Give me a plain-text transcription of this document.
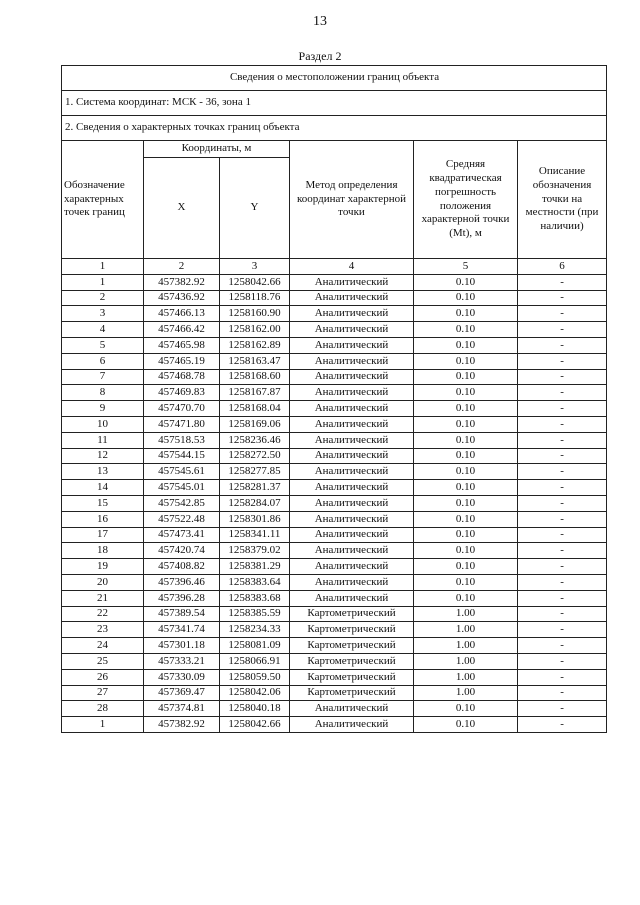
13
Раздел 2
Сведения о местоположении границ объекта					
1. Система координат: МСК - 36, зона 1					
2. Сведения о характерных точках границ объекта					
Обозначение характерных точек границ	Координаты, м		Метод определения координат характерной точки	Средняя квадратическая погрешность положения характерной точки (Mt), м	Описание обозначения точки на местности (при наличии)
	X	Y			
1	2	3	4	5	6
1	457382.92	1258042.66	Аналитический	0.10	-
2	457436.92	1258118.76	Аналитический	0.10	-
3	457466.13	1258160.90	Аналитический	0.10	-
4	457466.42	1258162.00	Аналитический	0.10	-
5	457465.98	1258162.89	Аналитический	0.10	-
6	457465.19	1258163.47	Аналитический	0.10	-
7	457468.78	1258168.60	Аналитический	0.10	-
8	457469.83	1258167.87	Аналитический	0.10	-
9	457470.70	1258168.04	Аналитический	0.10	-
10	457471.80	1258169.06	Аналитический	0.10	-
11	457518.53	1258236.46	Аналитический	0.10	-
12	457544.15	1258272.50	Аналитический	0.10	-
13	457545.61	1258277.85	Аналитический	0.10	-
14	457545.01	1258281.37	Аналитический	0.10	-
15	457542.85	1258284.07	Аналитический	0.10	-
16	457522.48	1258301.86	Аналитический	0.10	-
17	457473.41	1258341.11	Аналитический	0.10	-
18	457420.74	1258379.02	Аналитический	0.10	-
19	457408.82	1258381.29	Аналитический	0.10	-
20	457396.46	1258383.64	Аналитический	0.10	-
21	457396.28	1258383.68	Аналитический	0.10	-
22	457389.54	1258385.59	Картометрический	1.00	-
23	457341.74	1258234.33	Картометрический	1.00	-
24	457301.18	1258081.09	Картометрический	1.00	-
25	457333.21	1258066.91	Картометрический	1.00	-
26	457330.09	1258059.50	Картометрический	1.00	-
27	457369.47	1258042.06	Картометрический	1.00	-
28	457374.81	1258040.18	Аналитический	0.10	-
1	457382.92	1258042.66	Аналитический	0.10	-
